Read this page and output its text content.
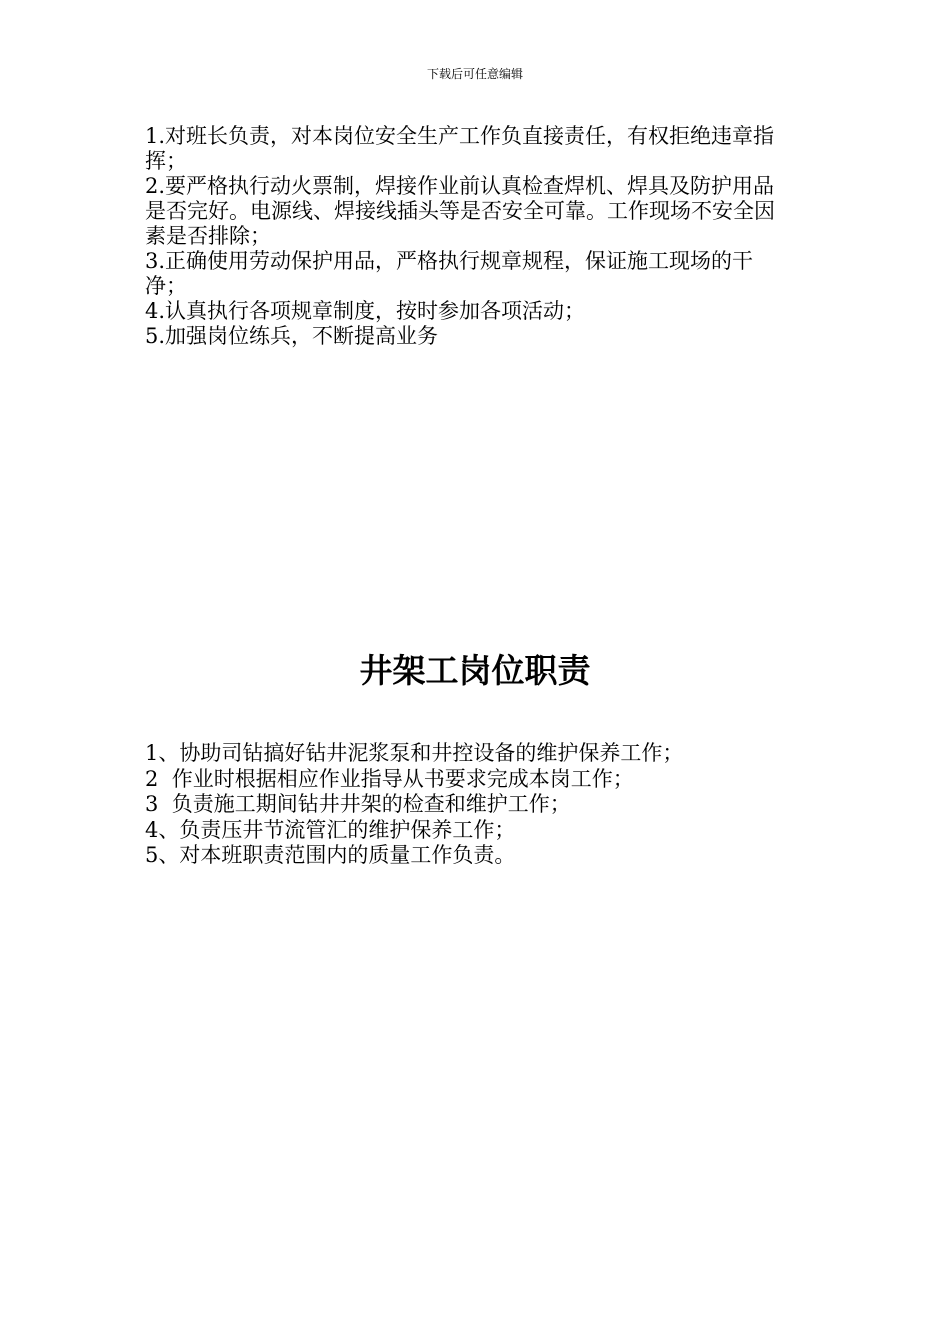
下载后可任意编辑

1.对班长负责，对本岗位安全生产工作负直接责任，有权拒绝违章指挥；

2.要严格执行动火票制，焊接作业前认真检查焊机、焊具及防护用品是否完好。电源线、焊接线插头等是否安全可靠。工作现场不安全因素是否排除；

3.正确使用劳动保护用品，严格执行规章规程，保证施工现场的干净；

4.认真执行各项规章制度，按时参加各项活动；

5.加强岗位练兵，不断提高业务

井架工岗位职责

1、协助司钻搞好钻井泥浆泵和井控设备的维护保养工作；

2  作业时根据相应作业指导从书要求完成本岗工作；

3  负责施工期间钻井井架的检查和维护工作；

4、负责压井节流管汇的维护保养工作；

5、对本班职责范围内的质量工作负责。
